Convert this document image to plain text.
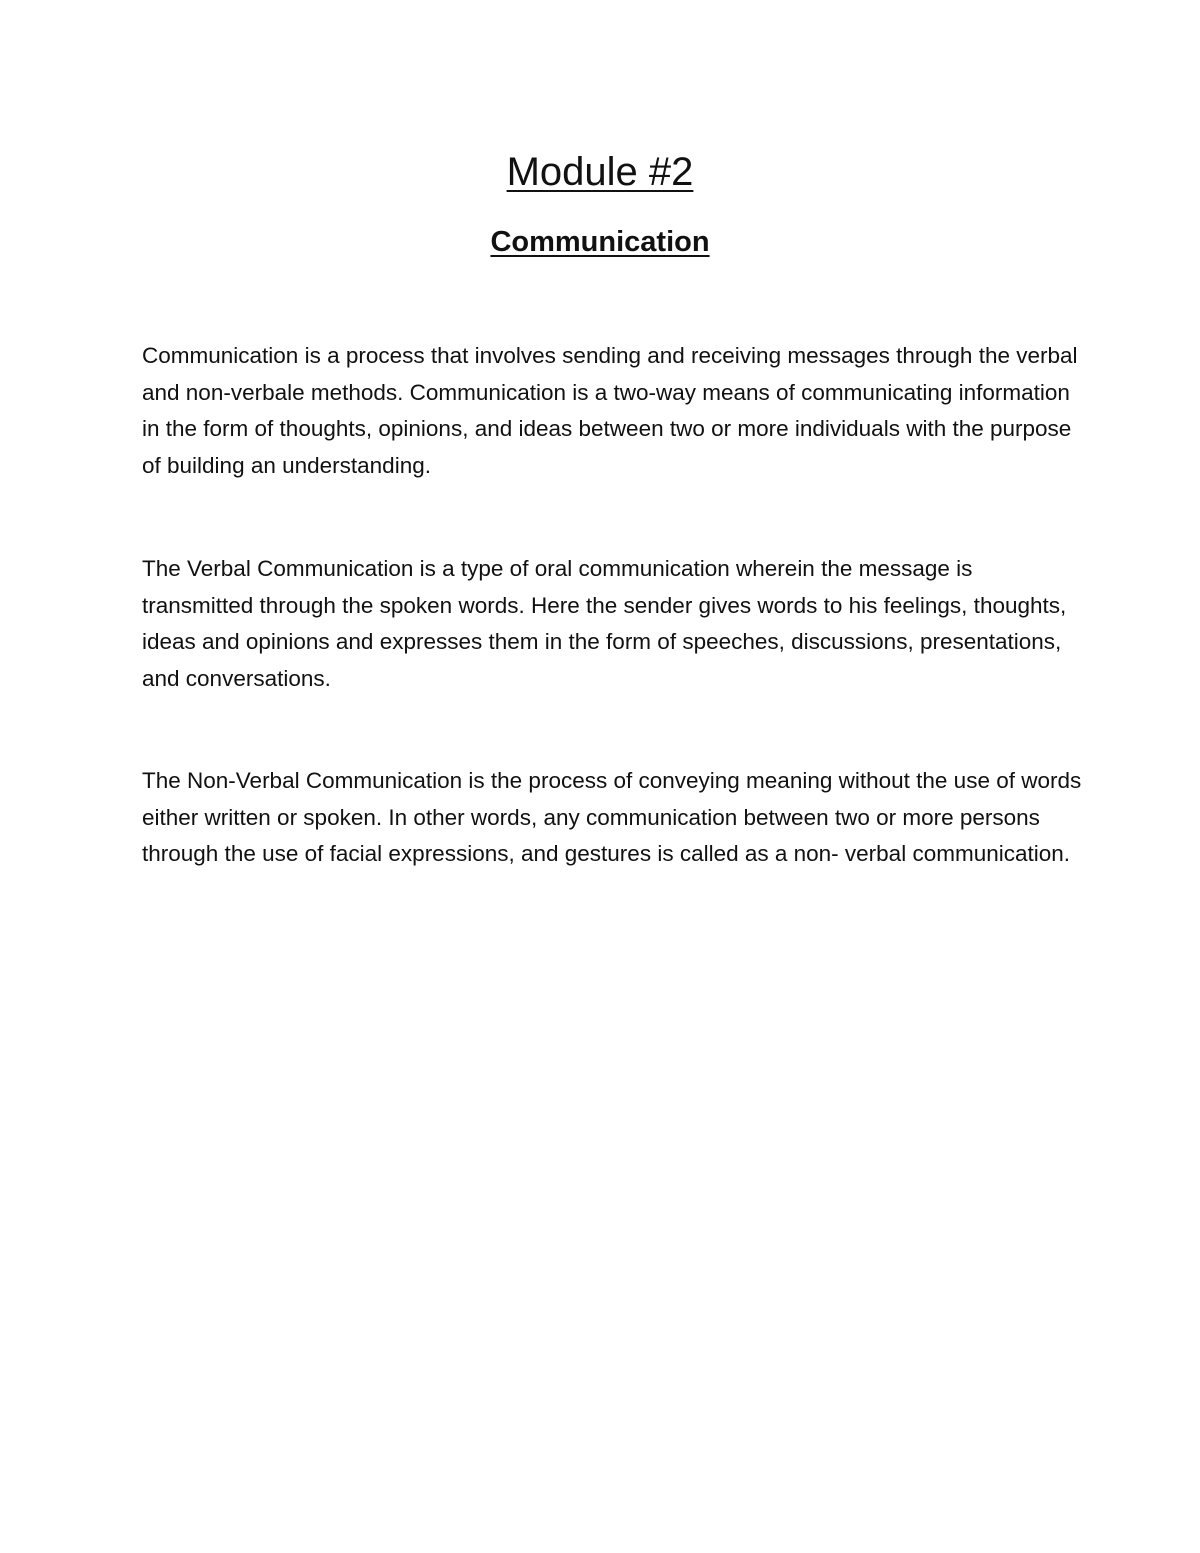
Module #2
Communication

Communication is a process that involves sending and receiving messages through the verbal and non-verbale methods. Communication is a two-way means of communicating information in the form of thoughts, opinions, and ideas between two or more individuals with the purpose of building an understanding.

The Verbal Communication is a type of oral communication wherein the message is transmitted through the spoken words. Here the sender gives words to his feelings, thoughts, ideas and opinions and expresses them in the form of speeches, discussions, presentations, and conversations.

The Non-Verbal Communication is the process of conveying meaning without the use of words either written or spoken. In other words, any communication between two or more persons through the use of facial expressions, and gestures is called as a non- verbal communication.
